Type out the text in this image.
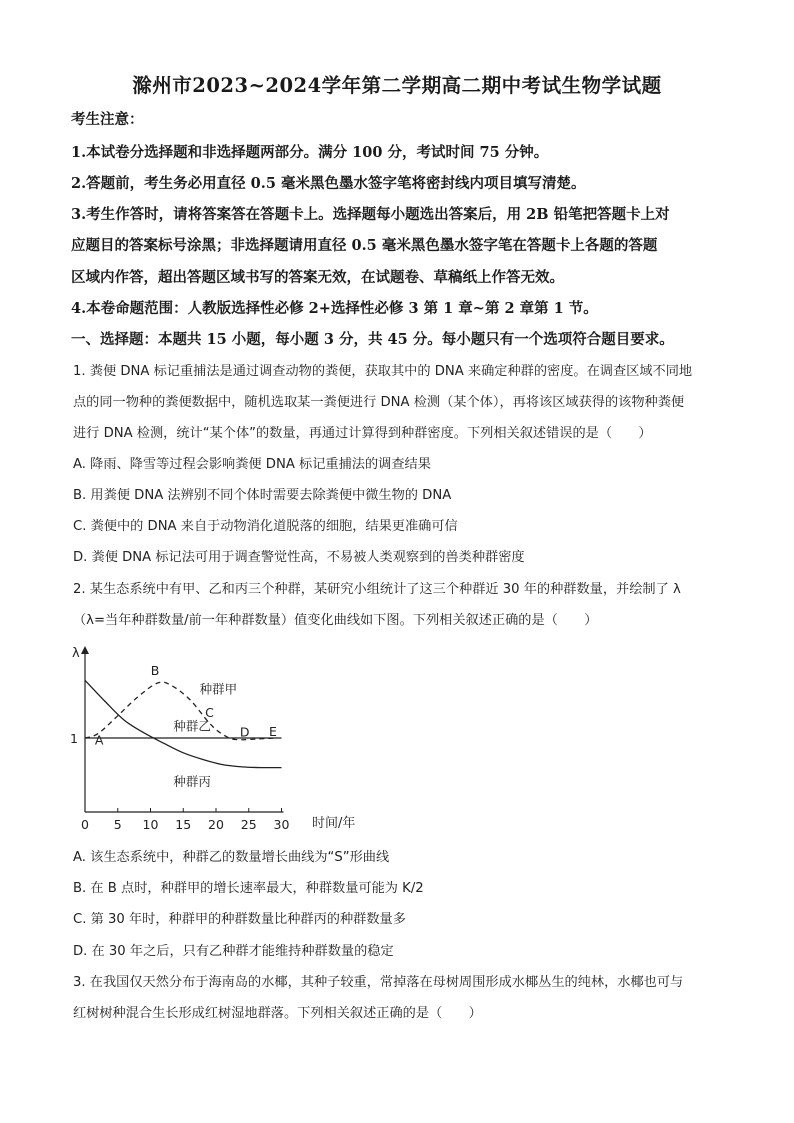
滁州市2023~2024学年第二学期高二期中考试生物学试题
考生注意：
1.本试卷分选择题和非选择题两部分。满分 100 分，考试时间 75 分钟。
2.答题前，考生务必用直径 0.5 毫米黑色墨水签字笔将密封线内项目填写清楚。
3.考生作答时，请将答案答在答题卡上。选择题每小题选出答案后，用 2B 铅笔把答题卡上对
应题目的答案标号涂黑；非选择题请用直径 0.5 毫米黑色墨水签字笔在答题卡上各题的答题
区域内作答，超出答题区域书写的答案无效，在试题卷、草稿纸上作答无效。
4.本卷命题范围：人教版选择性必修 2+选择性必修 3 第 1 章~第 2 章第 1 节。
一、选择题：本题共 15 小题，每小题 3 分，共 45 分。每小题只有一个选项符合题目要求。
1. 粪便 DNA 标记重捕法是通过调查动物的粪便，获取其中的 DNA 来确定种群的密度。在调查区域不同地
点的同一物种的粪便数据中，随机选取某一粪便进行 DNA 检测（某个体），再将该区域获得的该物种粪便
进行 DNA 检测，统计“某个体”的数量，再通过计算得到种群密度。下列相关叙述错误的是（　　）
A. 降雨、降雪等过程会影响粪便 DNA 标记重捕法的调查结果
B. 用粪便 DNA 法辨别不同个体时需要去除粪便中微生物的 DNA
C. 粪便中的 DNA 来自于动物消化道脱落的细胞，结果更准确可信
D. 粪便 DNA 标记法可用于调查警觉性高，不易被人类观察到的兽类种群密度
2. 某生态系统中有甲、乙和丙三个种群，某研究小组统计了这三个种群近 30 年的种群数量，并绘制了 λ
（λ=当年种群数量/前一年种群数量）值变化曲线如下图。下列相关叙述正确的是（　　）
种群甲
种群乙
种群丙
A
B
C
D E
0 5 10 15 20 25 30
1
λ
时间/年
A. 该生态系统中，种群乙的数量增长曲线为“S”形曲线
B. 在 B 点时，种群甲的增长速率最大，种群数量可能为 K/2
C. 第 30 年时，种群甲的种群数量比种群丙的种群数量多
D. 在 30 年之后，只有乙种群才能维持种群数量的稳定
3. 在我国仅天然分布于海南岛的水椰，其种子较重，常掉落在母树周围形成水椰丛生的纯林，水椰也可与
红树树种混合生长形成红树湿地群落。下列相关叙述正确的是（　　）
